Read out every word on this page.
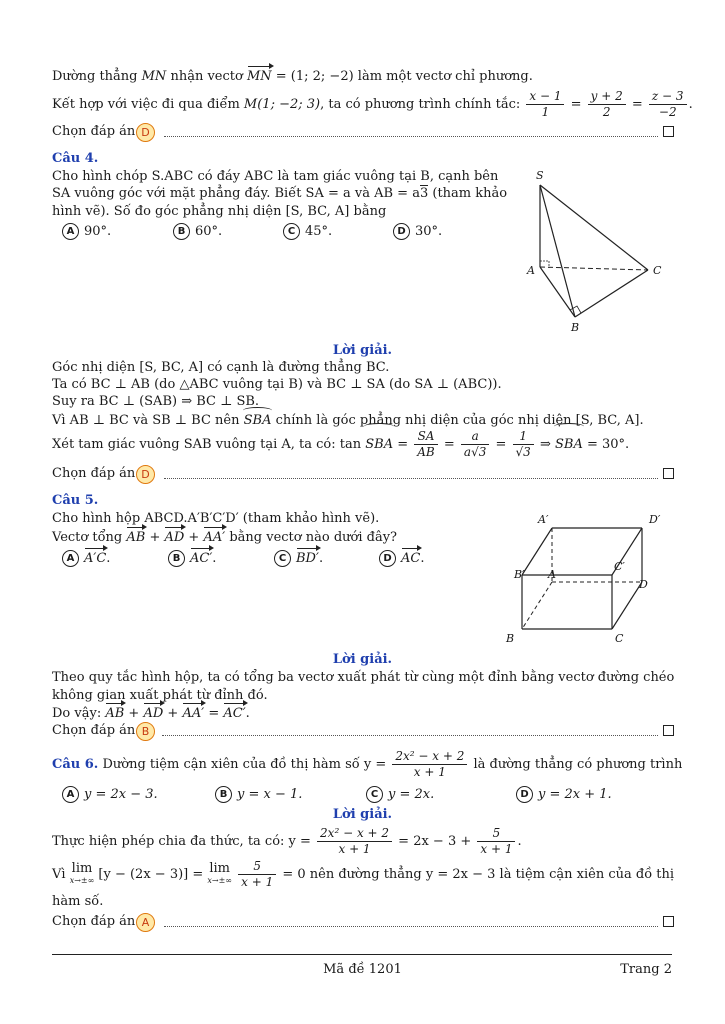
Dường thẳng MN nhận vectơ MN = (1; 2; −2) làm một vectơ chỉ phương.
Kết hợp với việc đi qua điểm M(1; −2; 3), ta có phương trình chính tắc: $\frac{x - 1}{1} = \frac{y + 2}{2} = \frac{z - 3}{-2}$ .
Chọn đáp án D
Câu 4.
Cho hình chóp S.ABC có đáy ABC là tam giác vuông tại B, cạnh bên
SA vuông góc với mặt phẳng đáy. Biết SA = a và AB = a3 (tham khảo
hình vẽ). Số đo góc phẳng nhị diện [S, BC, A] bằng
A 90°.	B 60°.	C 45°.	D 30°.
S
A	C
B
Lời giải.
Góc nhị diện [S, BC, A] có cạnh là đường thẳng BC.
Ta có BC ⊥ AB (do △ABC vuông tại B) và BC ⊥ SA (do SA ⊥ (ABC)).
Suy ra BC ⊥ (SAB) ⇒ BC ⊥ SB.
Vì AB ⊥ BC và SB ⊥ BC nên SBA chính là góc phẳng nhị diện của góc nhị diện [S, BC, A].
Xét tam giác vuông SAB vuông tại A, ta có: tan SBA = $\frac{SA}{AB} = \frac{a}{a√3} = \frac{1}{√3}$ ⇒ SBA = 30°.
Chọn đáp án D
Câu 5.
Cho hình hộp ABCD.A′B′C′D′ (tham khảo hình vẽ).
Vectơ tổng AB + AD + AA′ bằng vectơ nào dưới đây?
A A′C.	B AC′.	C BD′.	D AC.
A′	D′
B′
C′
A
D
B	C
Lời giải.
Theo quy tắc hình hộp, ta có tổng ba vectơ xuất phát từ cùng một đỉnh bằng vectơ đường chéo
không gian xuất phát từ đỉnh đó.
Do vậy: AB + AD + AA′ = AC′.
Chọn đáp án B
Câu 6. Dường tiệm cận xiên của đồ thị hàm số $y = \frac{\text{2x² − x + 2}}{x + 1}$ là đường thẳng có phương trình
A y = 2x − 3.	B y = x − 1.	C y = 2x.	D y = 2x + 1.
Lời giải.
Thực hiện phép chia đa thức, ta có: $y = \frac{\text{2x² − x + 2}}{x + 1} = 2x - 3 + \frac{5}{x + 1}$ .
Vì lim
x→±∞ [y − (2x − 3)] = lim
x→±∞
$\frac{5}{x + 1} = 0$ nên đường thẳng y = 2x − 3 là tiệm cận xiên của đồ thị
hàm số.
Chọn đáp án A
Mã đề 1201	Trang 2
